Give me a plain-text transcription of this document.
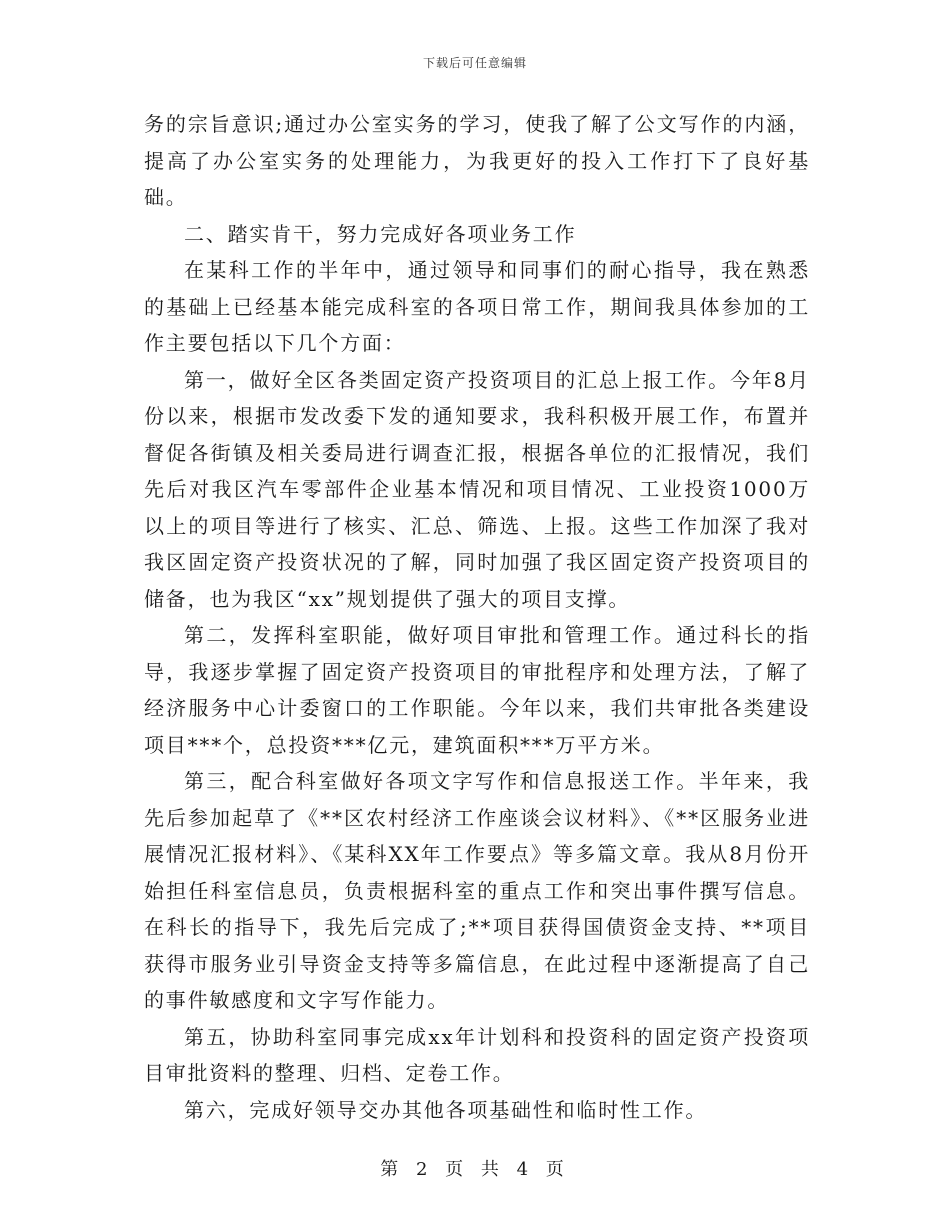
下载后可任意编辑

务的宗旨意识;通过办公室实务的学习，使我了解了公文写作的内涵，提高了办公室实务的处理能力，为我更好的投入工作打下了良好基础。

二、踏实肯干，努力完成好各项业务工作

在某科工作的半年中，通过领导和同事们的耐心指导，我在熟悉的基础上已经基本能完成科室的各项日常工作，期间我具体参加的工作主要包括以下几个方面：

第一，做好全区各类固定资产投资项目的汇总上报工作。今年8月份以来，根据市发改委下发的通知要求，我科积极开展工作，布置并督促各街镇及相关委局进行调查汇报，根据各单位的汇报情况，我们先后对我区汽车零部件企业基本情况和项目情况、工业投资1000万以上的项目等进行了核实、汇总、筛选、上报。这些工作加深了我对我区固定资产投资状况的了解，同时加强了我区固定资产投资项目的储备，也为我区“xx”规划提供了强大的项目支撑。

第二，发挥科室职能，做好项目审批和管理工作。通过科长的指导，我逐步掌握了固定资产投资项目的审批程序和处理方法，了解了经济服务中心计委窗口的工作职能。今年以来，我们共审批各类建设项目***个，总投资***亿元，建筑面积***万平方米。

第三，配合科室做好各项文字写作和信息报送工作。半年来，我先后参加起草了《**区农村经济工作座谈会议材料》、《**区服务业进展情况汇报材料》、《某科XX年工作要点》等多篇文章。我从8月份开始担任科室信息员，负责根据科室的重点工作和突出事件撰写信息。在科长的指导下，我先后完成了;**项目获得国债资金支持、**项目获得市服务业引导资金支持等多篇信息，在此过程中逐渐提高了自己的事件敏感度和文字写作能力。

第五，协助科室同事完成xx年计划科和投资科的固定资产投资项目审批资料的整理、归档、定卷工作。

第六，完成好领导交办其他各项基础性和临时性工作。

第 2 页 共 4 页
